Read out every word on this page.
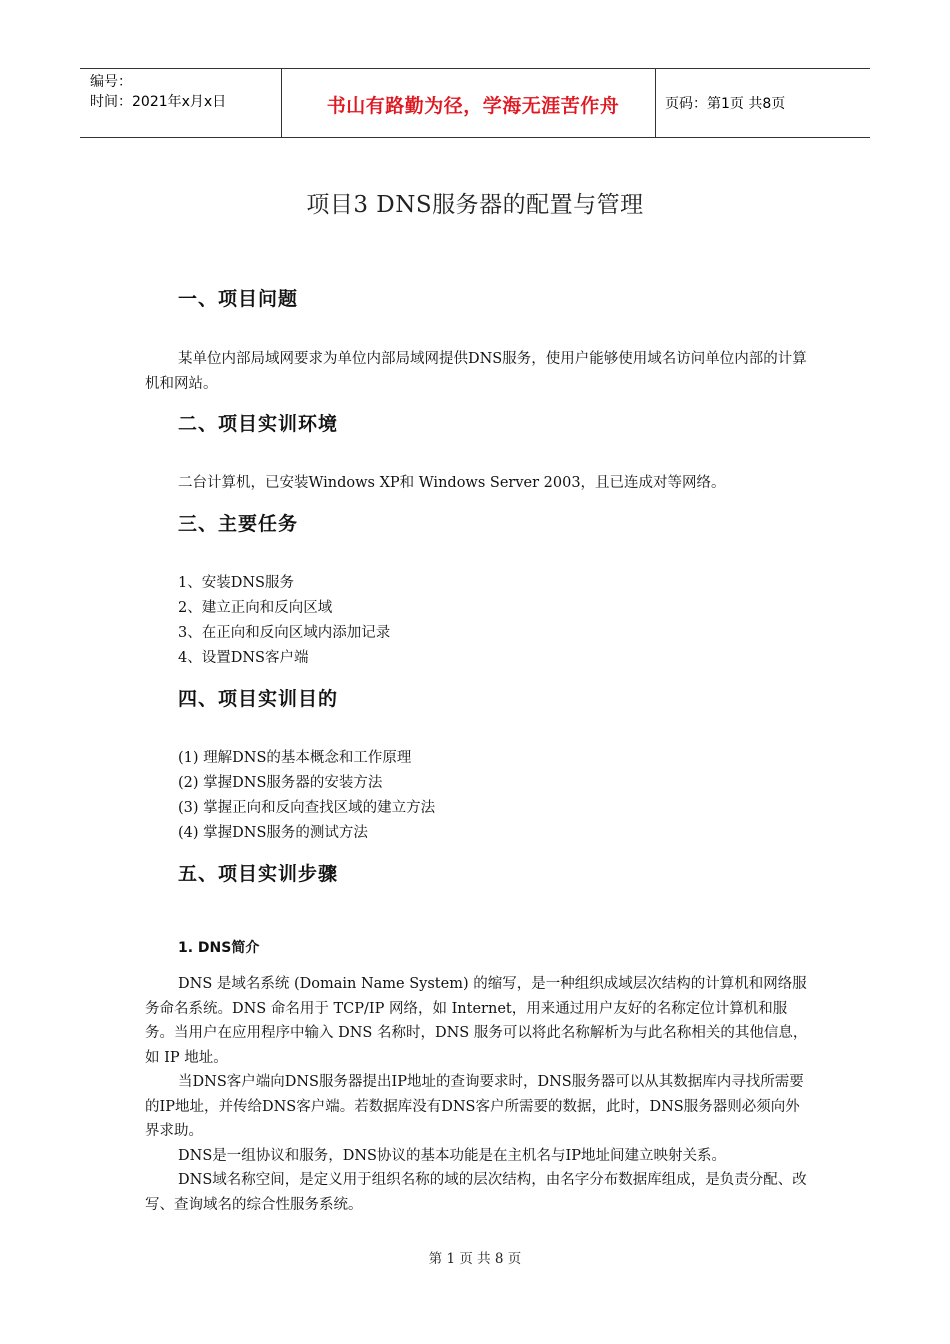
编号：
时间：2021年x月x日	书山有路勤为径，学海无涯苦作舟	页码：第1页 共8页
项目3 DNS服务器的配置与管理
一、项目问题

某单位内部局域网要求为单位内部局域网提供DNS服务，使用户能够使用域名访问单位内部的计算机和网站。

二、项目实训环境
二台计算机，已安装Windows XP和 Windows Server 2003，且已连成对等网络。
三、主要任务
1、安装DNS服务
2、建立正向和反向区域
3、在正向和反向区域内添加记录
4、设置DNS客户端
四、项目实训目的
(1) 理解DNS的基本概念和工作原理
(2) 掌握DNS服务器的安装方法
(3) 掌握正向和反向查找区域的建立方法
(4) 掌握DNS服务的测试方法
五、项目实训步骤
1. DNS简介

DNS 是域名系统 (Domain Name System) 的缩写，是一种组织成域层次结构的计算机和网络服务命名系统。DNS 命名用于 TCP/IP 网络，如 Internet，用来通过用户友好的名称定位计算机和服务。当用户在应用程序中输入 DNS 名称时，DNS 服务可以将此名称解析为与此名称相关的其他信息，如 IP 地址。

当DNS客户端向DNS服务器提出IP地址的查询要求时，DNS服务器可以从其数据库内寻找所需要的IP地址，并传给DNS客户端。若数据库没有DNS客户所需要的数据，此时，DNS服务器则必须向外界求助。

DNS是一组协议和服务，DNS协议的基本功能是在主机名与IP地址间建立映射关系。

DNS域名称空间，是定义用于组织名称的域的层次结构，由名字分布数据库组成，是负责分配、改写、查询域名的综合性服务系统。

第 1 页 共 8 页
